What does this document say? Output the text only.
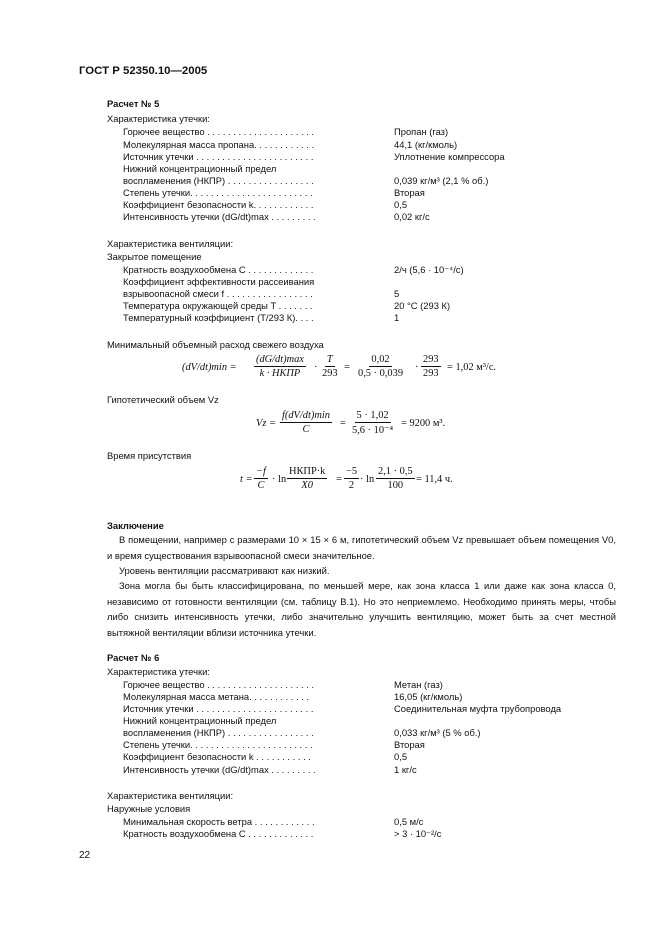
ГОСТ Р 52350.10—2005
Расчет № 5
Характеристика утечки:
Горючее вещество . . . . . . . . . . . . . . . . . . . . .	Пропан (газ)
Молекулярная масса пропана. . . . . . . . . . . .	44,1 (кг/кмоль)
Источник утечки . . . . . . . . . . . . . . . . . . . . . . .	Уплотнение компрессора
Нижний концентрационный предел
воспламенения (НКПР) . . . . . . . . . . . . . . . . .	0,039 кг/м³ (2,1 % об.)
Степень утечки. . . . . . . . . . . . . . . . . . . . . . . .	Вторая
Коэффициент безопасности k. . . . . . . . . . . .	0,5
Интенсивность утечки (dG/dt)max . . . . . . . . .	0,02 кг/с
Характеристика вентиляции:
Закрытое помещение
Кратность воздухообмена C . . . . . . . . . . . . .	2/ч (5,6 · 10⁻⁴/с)
Коэффициент эффективности рассеивания
взрывоопасной смеси f . . . . . . . . . . . . . . . . .	5
Температура окружающей среды T . . . . . . .	20 °С (293 К)
Температурный коэффициент (T/293 К). . . .	1
Минимальный объемный расход свежего воздуха
(dV/dt)min =
(dG/dt)max
k · НКПР
· $\frac{T}{293} = \frac{0,02}{0,5 \cdot 0,039} \cdot \frac{293}{293} = 1,02$ м³/с.
Гипотетический объем Vz
Vz =
f(dV/dt)min
C
= $\frac{5 \cdot 1,02}{\text{5,6 · 10⁻⁴}} = 9200$ м³.
Время присутствия
$t = \frac{-f}{C} \cdot \ln$
НКПР·k
X0
= $\frac{-5}{2} \cdot \ln \frac{2,1 \cdot 0,5}{100} = 11,4$ ч.
Заключение
В помещении, например с размерами 10 × 15 × 6 м, гипотетический объем Vz превышает объем помещения V0, и время существования взрывоопасной смеси значительное.
Уровень вентиляции рассматривают как низкий.
Зона могла бы быть классифицирована, по меньшей мере, как зона класса 1 или даже как зона класса 0, независимо от готовности вентиляции (см. таблицу В.1). Но это неприемлемо. Необходимо принять меры, чтобы либо снизить интенсивность утечки, либо значительно улучшить вентиляцию, может быть за счет местной вытяжной вентиляции вблизи источника утечки.
Расчет № 6
Характеристика утечки:
Горючее вещество . . . . . . . . . . . . . . . . . . . . .	Метан (газ)
Молекулярная масса метана. . . . . . . . . . . .	16,05 (кг/кмоль)
Источник утечки . . . . . . . . . . . . . . . . . . . . . . .	Соединительная муфта трубопровода
Нижний концентрационный предел
воспламенения (НКПР) . . . . . . . . . . . . . . . . .	0,033 кг/м³ (5 % об.)
Степень утечки. . . . . . . . . . . . . . . . . . . . . . . .	Вторая
Коэффициент безопасности k . . . . . . . . . . .	0,5
Интенсивность утечки (dG/dt)max . . . . . . . . .	1 кг/с
Характеристика вентиляции:
Наружные условия
Минимальная скорость ветра . . . . . . . . . . . .	0,5 м/с
Кратность воздухообмена C . . . . . . . . . . . . .	> 3 · 10⁻²/с
22
